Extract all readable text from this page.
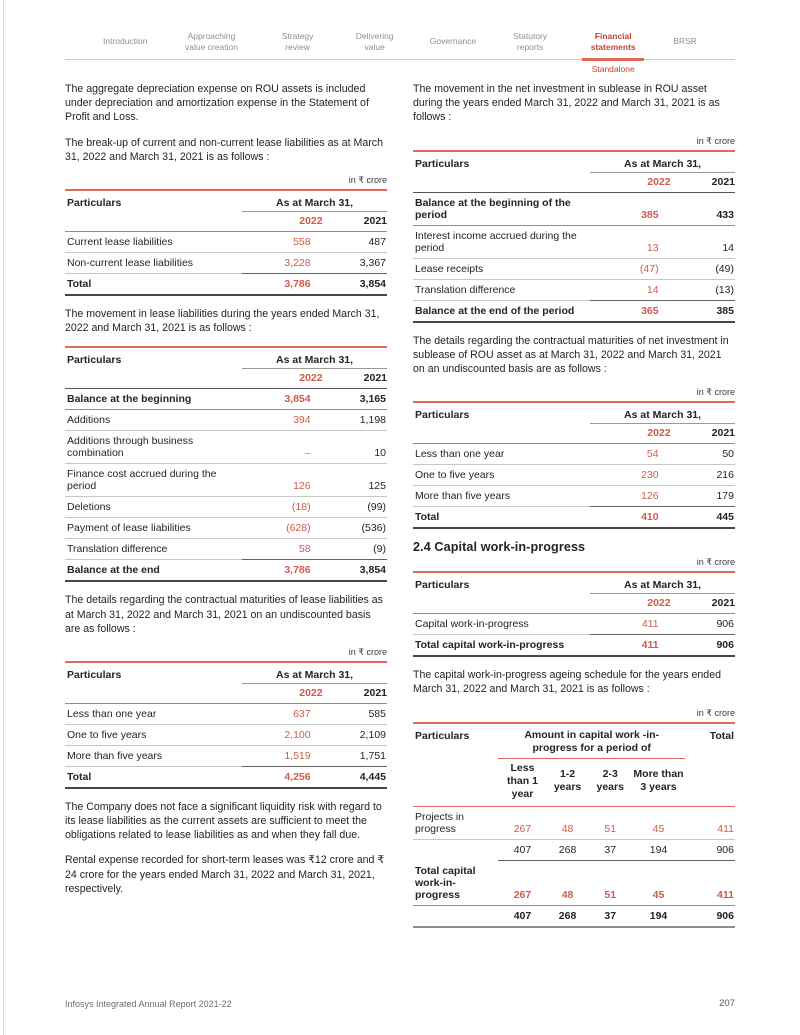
Introduction
Approaching value creation
Strategy review
Delivering value
Governance
Statutory reports
Financial statements
Standalone
BRSR

The aggregate depreciation expense on ROU assets is included under depreciation and amortization expense in the Statement of Profit and Loss.

The break-up of current and non-current lease liabilities as at March 31, 2022 and March 31, 2021 is as follows :

in ₹ crore
Particulars	As at March 31,	
	2022	2021
Current lease liabilities	558	487
Non-current lease liabilities	3,228	3,367
Total	3,786	3,854

The movement in lease liabilities during the years ended March 31, 2022 and March 31, 2021 is as follows :

Particulars	As at March 31,	
	2022	2021
Balance at the beginning	3,854	3,165
Additions	394	1,198
Additions through business combination	–	10
Finance cost accrued during the period	126	125
Deletions	(18)	(99)
Payment of lease liabilities	(628)	(536)
Translation difference	58	(9)
Balance at the end	3,786	3,854

The details regarding the contractual maturities of lease liabilities as at March 31, 2022 and March 31, 2021 on an undiscounted basis are as follows :

in ₹ crore
Particulars	As at March 31,	
	2022	2021
Less than one year	637	585
One to five years	2,100	2,109
More than five years	1,519	1,751
Total	4,256	4,445

The Company does not face a significant liquidity risk with regard to its lease liabilities as the current assets are sufficient to meet the obligations related to lease liabilities as and when they fall due.

Rental expense recorded for short-term leases was ₹12 crore and ₹ 24 crore for the years ended March 31, 2022 and March 31, 2021, respectively.

The movement in the net investment in sublease in ROU asset during the years ended March 31, 2022 and March 31, 2021 is as follows :

in ₹ crore
Particulars	As at March 31,	
	2022	2021
Balance at the beginning of the period	385	433
Interest income accrued during the period	13	14
Lease receipts	(47)	(49)
Translation difference	14	(13)
Balance at the end of the period	365	385

The details regarding the contractual maturities of net investment in sublease of ROU asset as at March 31, 2022 and March 31, 2021 on an undiscounted basis are as follows :

in ₹ crore
Particulars	As at March 31,	
	2022	2021
Less than one year	54	50
One to five years	230	216
More than five years	126	179
Total	410	445
2.4 Capital work-in-progress
in ₹ crore
Particulars	As at March 31,	
	2022	2021
Capital work-in-progress	411	906
Total capital work-in-progress	411	906

The capital work-in-progress ageing schedule for the years ended March 31, 2022 and March 31, 2021 is as follows :

in ₹ crore
Particulars	Amount in capital work -in-progress for a period of				Total
	Less than 1 year	1-2 years	2-3 years	More than 3 years	
Projects in progress	267	48	51	45	411
	407	268	37	194	906
Total capital work-in-progress	267	48	51	45	411
	407	268	37	194	906
Infosys Integrated Annual Report 2021-22	207
